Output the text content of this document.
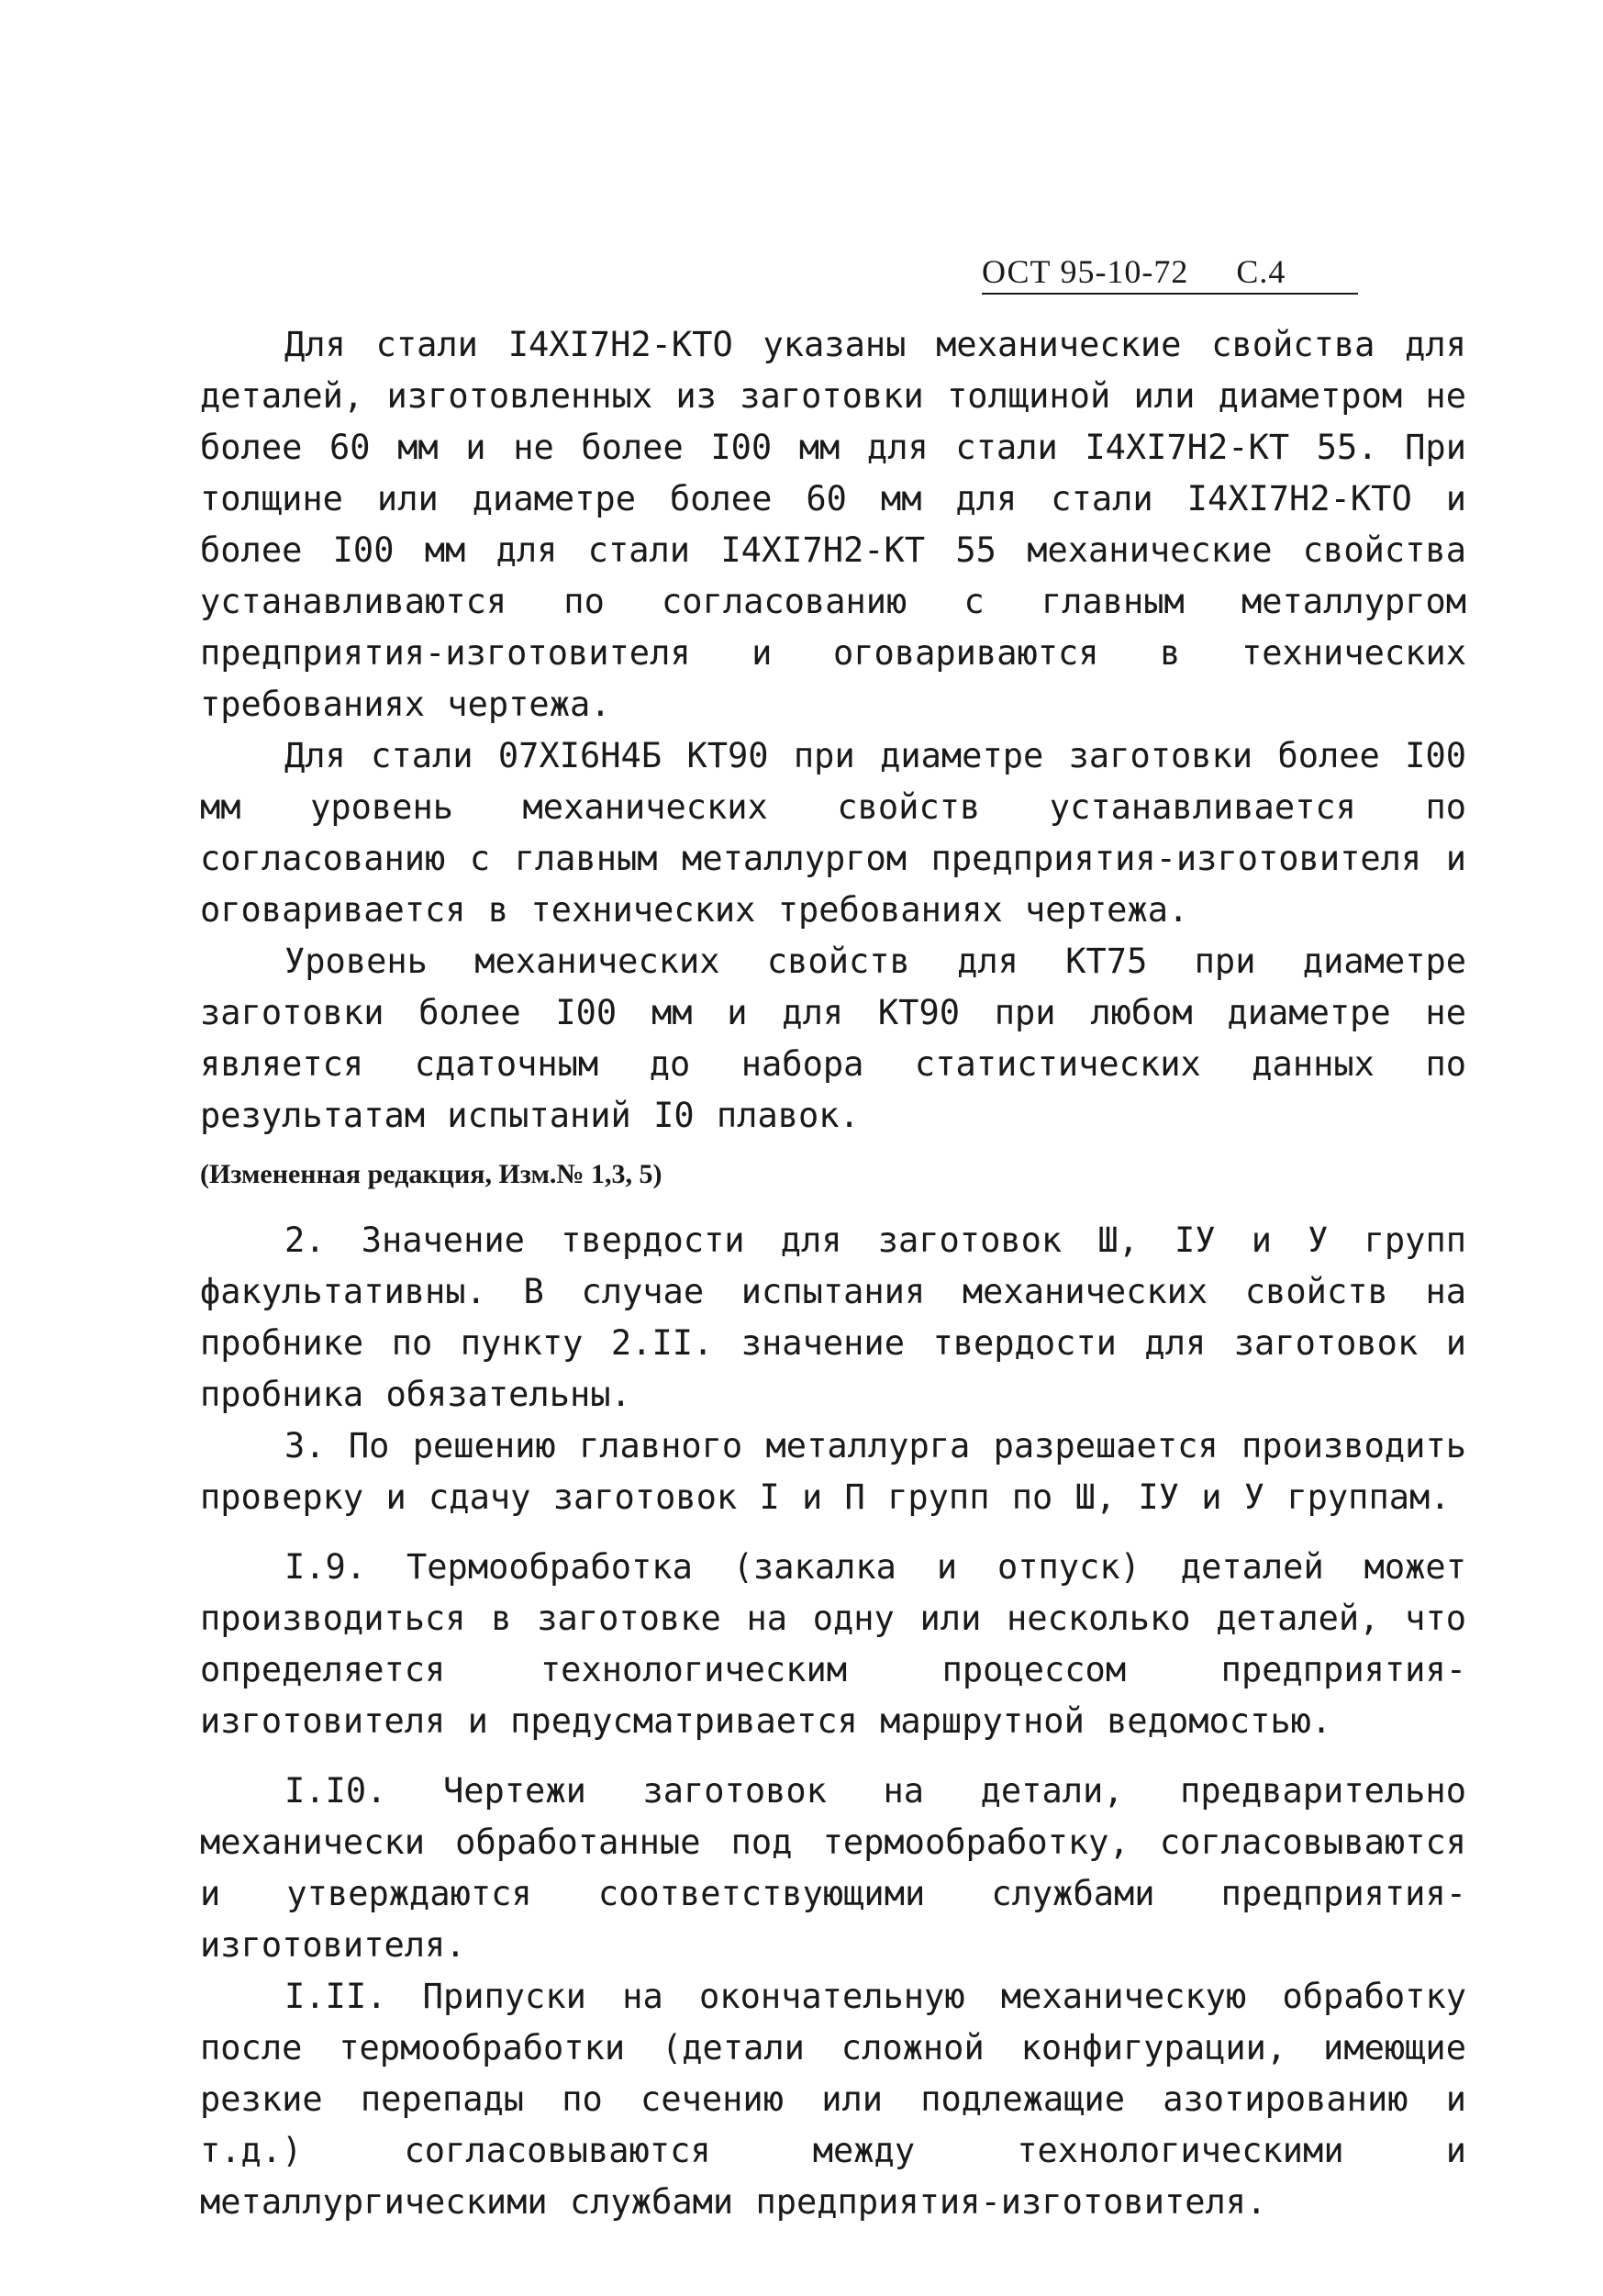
ОСТ 95-10-72 С.4

Для стали I4XI7H2-KTO указаны механические свойства для деталей, изготовленных из заготовки толщиной или диаметром не более 60 мм и не более I00 мм для стали I4XI7H2-KT 55. При толщине или диаметре более 60 мм для стали I4XI7H2-KTO и более I00 мм для стали I4XI7H2-KT 55 механические свойства устанавливаются по согласованию с главным металлургом предприятия-изготовителя и оговариваются в технических требованиях чертежа.

Для стали 07XI6H4Б КТ90 при диаметре заготовки более I00 мм уровень механических свойств устанавливается по согласованию с главным металлургом предприятия-изготовителя и оговаривается в технических требованиях чертежа.

Уровень механических свойств для КТ75 при диаметре заготовки более I00 мм и для КТ90 при любом диаметре не является сдаточным до набора статистических данных по результатам испытаний I0 плавок.

(Измененная редакция, Изм.№ 1,3, 5)

2. Значение твердости для заготовок Ш, IУ и У групп факультативны. В случае испытания механических свойств на пробнике по пункту 2.II. значение твердости для заготовок и пробника обязательны.

3. По решению главного металлурга разрешается производить проверку и сдачу заготовок I и П групп по Ш, IУ и У группам.

I.9. Термообработка (закалка и отпуск) деталей может производиться в заготовке на одну или несколько деталей, что определяется технологическим процессом предприятия-изготовителя и предусматривается маршрутной ведомостью.

I.I0. Чертежи заготовок на детали, предварительно механически обработанные под термообработку, согласовываются и утверждаются соответствующими службами предприятия-изготовителя.

I.II. Припуски на окончательную механическую обработку после термообработки (детали сложной конфигурации, имеющие резкие перепады по сечению или подлежащие азотированию и т.д.) согласовываются между технологическими и металлургическими службами предприятия-изготовителя.
